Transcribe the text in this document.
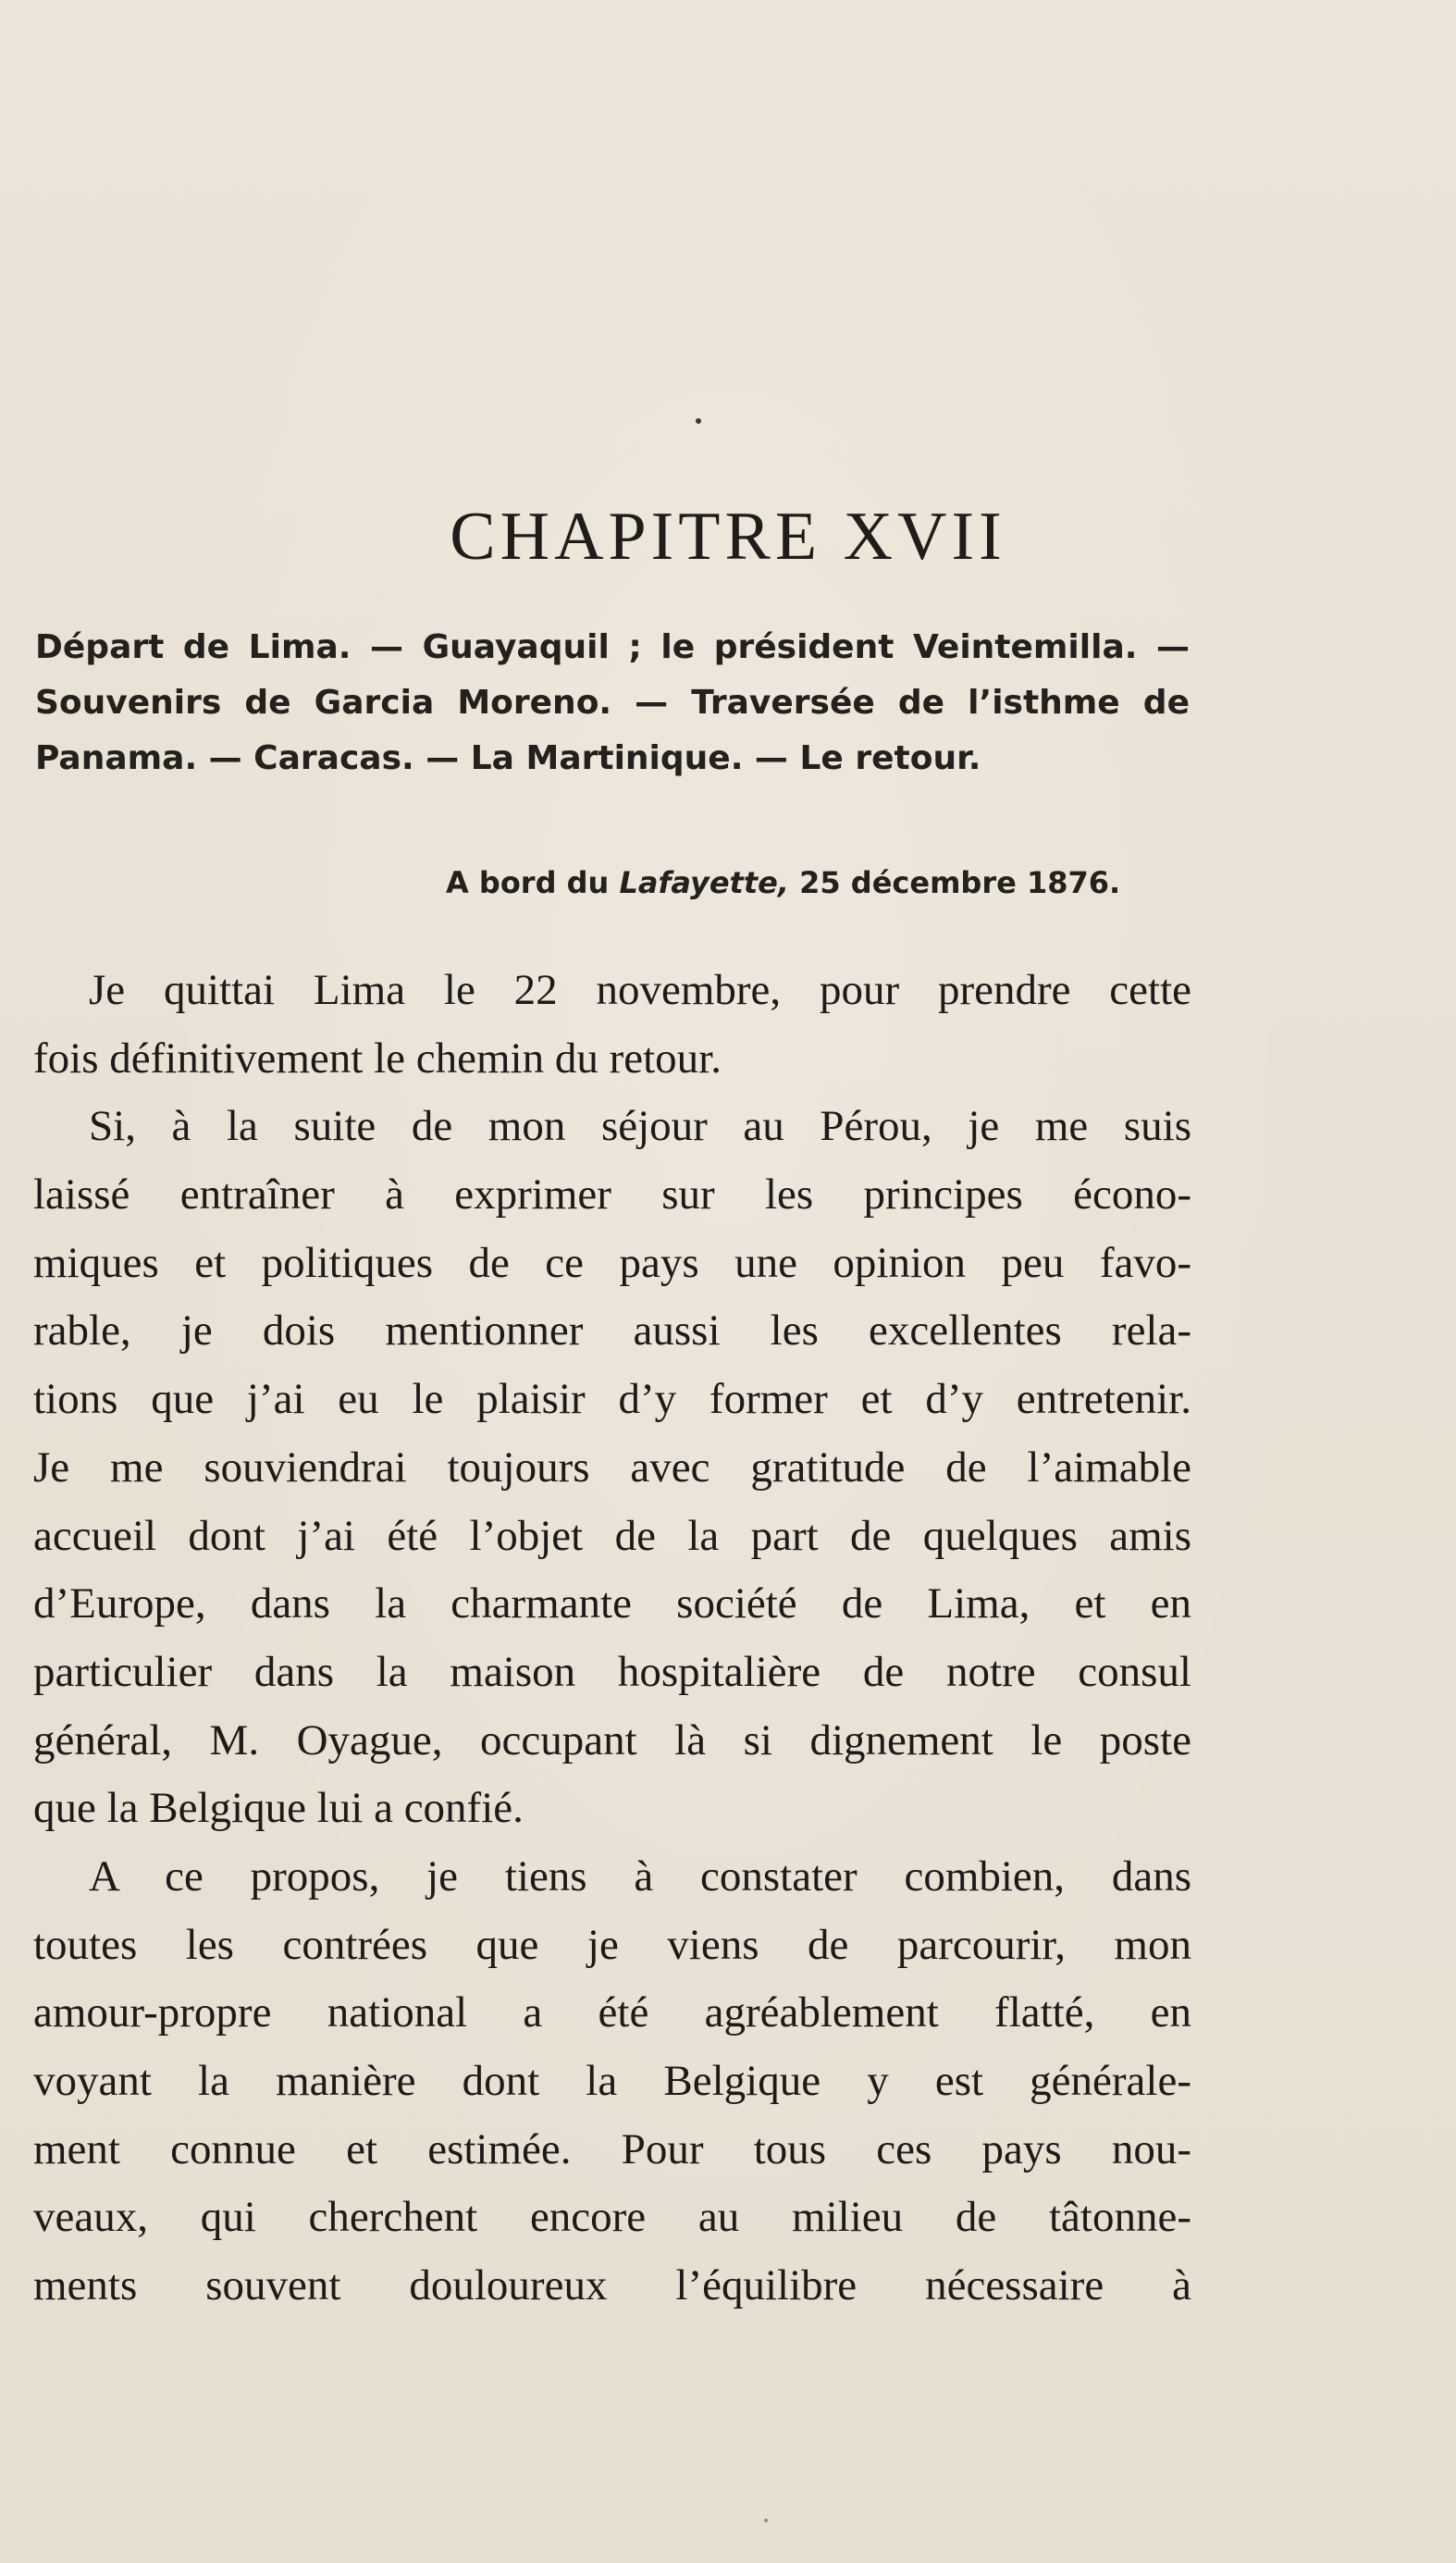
CHAPITRE XVII

Départ de Lima. — Guayaquil ; le président Veintemilla. — Souvenirs de Garcia Moreno. — Traversée de l’isthme de Panama. — Caracas. — La Martinique. — Le retour.

A bord du Lafayette, 25 décembre 1876.
Je quittai Lima le 22 novembre, pour prendre cette
fois définitivement le chemin du retour.
Si, à la suite de mon séjour au Pérou, je me suis
laissé entraîner à exprimer sur les principes écono-
miques et politiques de ce pays une opinion peu favo-
rable, je dois mentionner aussi les excellentes rela-
tions que j’ai eu le plaisir d’y former et d’y entretenir.
Je me souviendrai toujours avec gratitude de l’aimable
accueil dont j’ai été l’objet de la part de quelques amis
d’Europe, dans la charmante société de Lima, et en
particulier dans la maison hospitalière de notre consul
général, M. Oyague, occupant là si dignement le poste
que la Belgique lui a confié.
A ce propos, je tiens à constater combien, dans
toutes les contrées que je viens de parcourir, mon
amour-propre national a été agréablement flatté, en
voyant la manière dont la Belgique y est générale-
ment connue et estimée. Pour tous ces pays nou-
veaux, qui cherchent encore au milieu de tâtonne-
ments souvent douloureux l’équilibre nécessaire à
